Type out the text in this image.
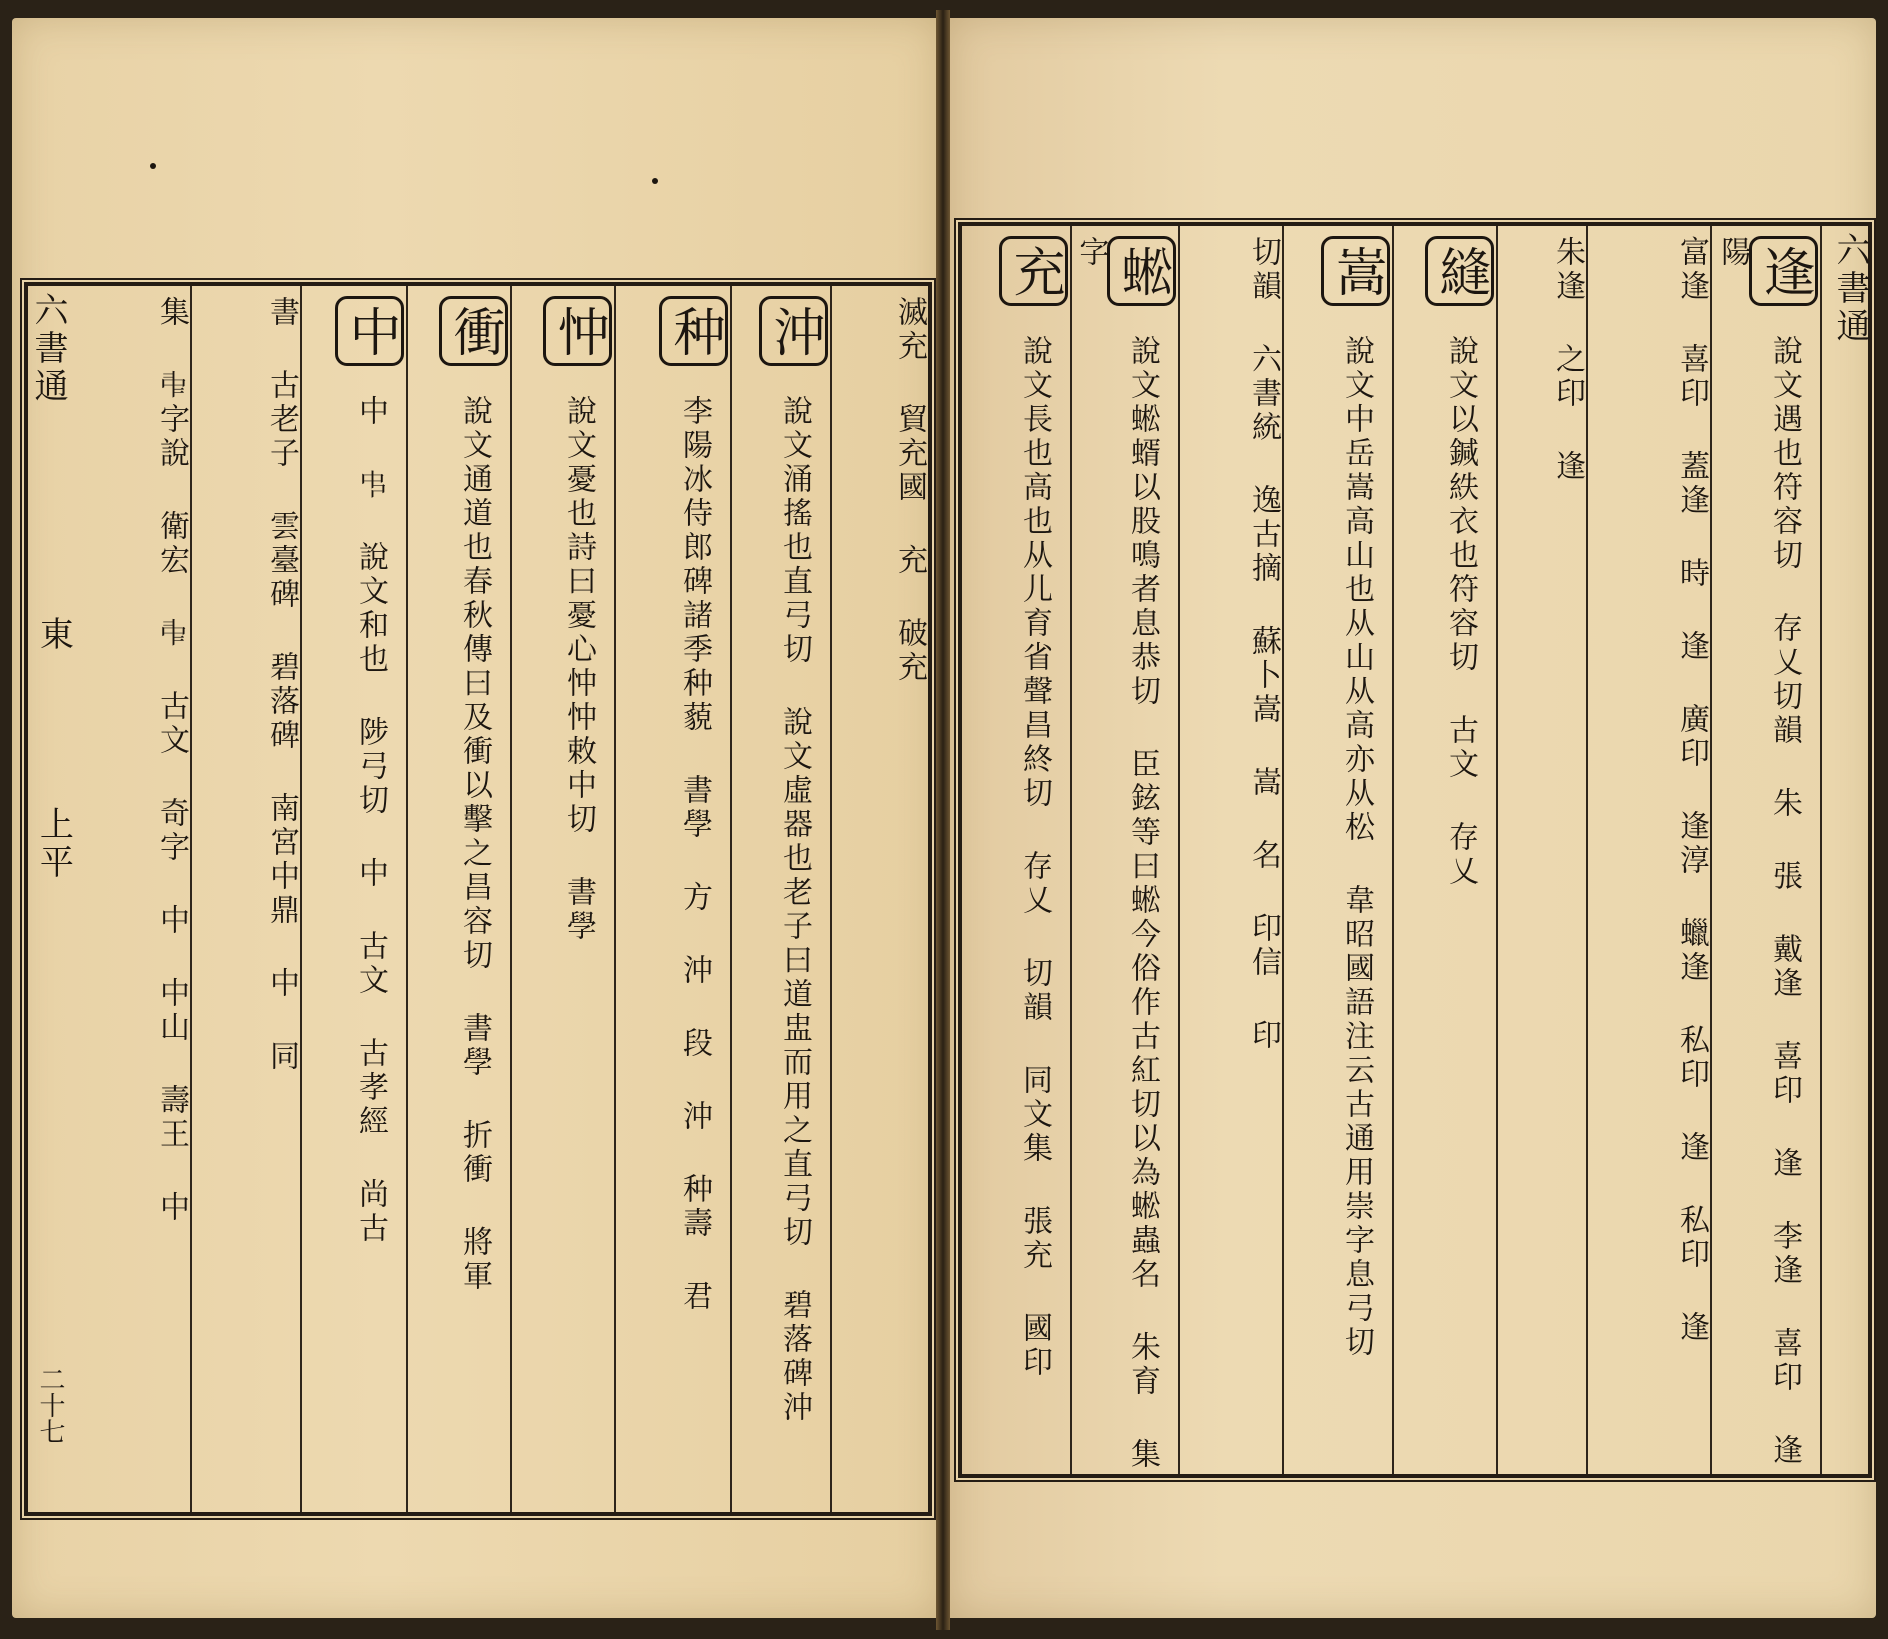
六書通
東
上平
二十七
集 𠁩字說 衛宏 𠁩 古文 奇字 中 中山 壽王 中	書 古老子 雲臺碑 碧落碑 南宮中鼎 中 同 中 中 𠁧 說文和也 陟弓切 中 古文 古孝經 尚古
衝 說文通道也春秋傳曰及衝以擊之昌容切 書學 折衝 將軍
忡 說文憂也詩曰憂心忡忡敕中切 書學
种 李陽冰侍郎碑諸季种藐 書學 方 沖 段 沖 种壽 君
沖 說文涌搖也直弓切 說文虛器也老子曰道盅而用之直弓切 碧落碑沖	滅充 貿充國 充 破充
充 說文長也高也从儿育省聲昌終切 存乂 切韻 同文集 張充 國印
蜙 說文蜙蝑以股鳴者息恭切 臣鉉等曰蜙今俗作古紅切以為蜙蟲名 朱育 集字	切韻 六書統 逸古摘 蘇卜嵩 嵩 名 印信 印 嵩 說文中岳嵩高山也从山从高亦从松 韋昭國語注云古通用崇字息弓切
縫 說文以鍼紩衣也符容切 古文 存乂	朱逢 之印 逢	富逢 喜印 蓋逢 時 逢 廣印 逢淳 蠟逢 私印 逢 私印 逢 逢 說文遇也符容切 存乂切韻 朱 張 戴逢 喜印 逢 李逢 喜印 逢 陽	六書通
